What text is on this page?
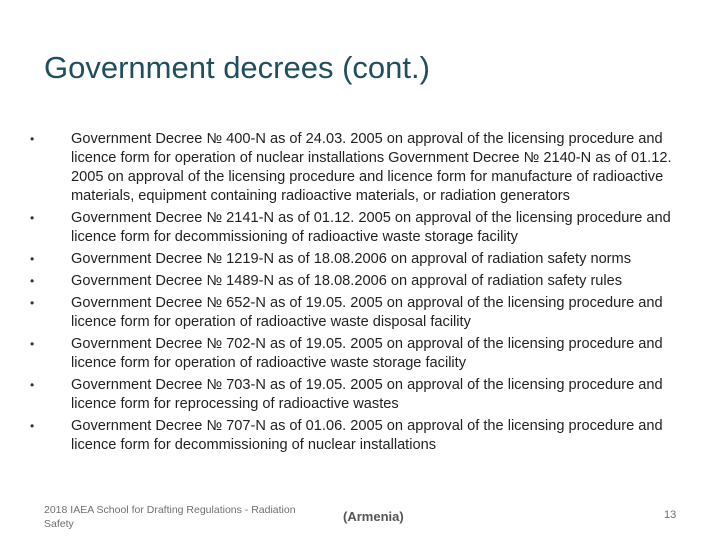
Government decrees (cont.)
•	Government Decree № 400-N as of 24.03. 2005 on approval of the licensing procedure and licence form for operation of nuclear installations Government Decree № 2140-N as of 01.12. 2005 on approval of the licensing procedure and licence form for manufacture of radioactive materials, equipment containing radioactive materials, or radiation generators
•	Government Decree № 2141-N as of 01.12. 2005 on approval of the licensing procedure and licence form for decommissioning of radioactive waste storage facility
•	Government Decree № 1219-N as of 18.08.2006 on approval of radiation safety norms
•	Government Decree № 1489-N as of 18.08.2006 on approval of radiation safety rules
•	Government Decree № 652-N as of 19.05. 2005 on approval of the licensing procedure and licence form for operation of radioactive waste disposal facility
•	Government Decree № 702-N as of 19.05. 2005 on approval of the licensing procedure and licence form for operation of radioactive waste storage facility
•	Government Decree № 703-N as of 19.05. 2005 on approval of the licensing procedure and licence form for reprocessing of radioactive wastes
•	Government Decree № 707-N as of 01.06. 2005 on approval of the licensing procedure and licence form for decommissioning of nuclear installations
2018 IAEA School for Drafting Regulations - Radiation Safety	(Armenia)	13
